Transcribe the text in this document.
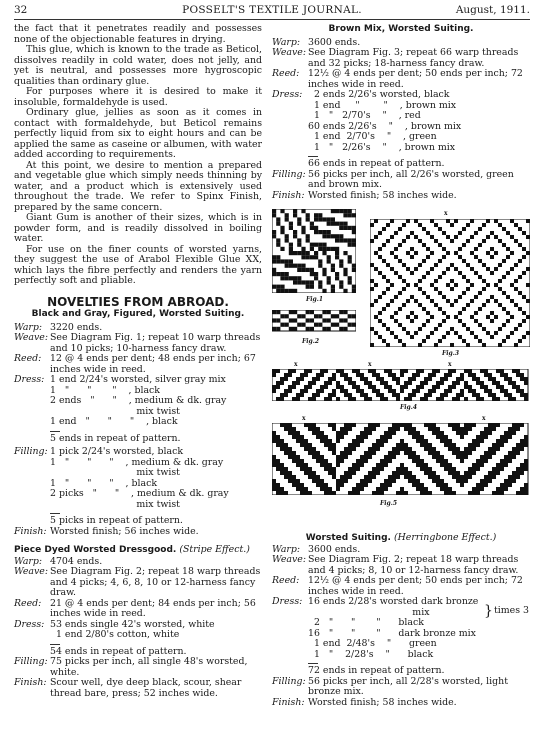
32	POSSELT'S TEXTILE JOURNAL.	August, 1911.

the fact that it penetrates readily and possesses none of the objectionable features in drying.

This glue, which is known to the trade as Beticol, dissolves readily in cold water, does not jelly, and yet is neutral, and possesses more hygroscopic qualities than ordinary glue.

For purposes where it is desired to make it insoluble, formaldehyde is used.

Ordinary glue, jellies as soon as it comes in contact with formaldehyde, but Beticol remains perfectly liquid from six to eight hours and can be applied the same as caseine or albumen, with water added according to requirements.

At this point, we desire to mention a prepared and vegetable glue which simply needs thinning by water, and a product which is extensively used throughout the trade. We refer to Spinx Finish, prepared by the same concern.

Giant Gum is another of their sizes, which is in powder form, and is readily dissolved in boiling water.

For use on the finer counts of worsted yarns, they suggest the use of Arabol Flexible Glue XX, which lays the fibre perfectly and renders the yarn perfectly soft and pliable.

NOVELTIES FROM ABROAD.
Black and Gray, Figured, Worsted Suiting.
Warp: 3220 ends.
Weave: See Diagram Fig. 1; repeat 10 warp threads and 10 picks; 10-harness fancy draw.
Reed: 12 @ 4 ends per dent; 48 ends per inch; 67 inches wide in reed.
Dress: 1 end 2/24's worsted, silver gray mix
1   "      "       "    , black
2 ends   "      "    , medium & dk. gray
mix twist
1 end   "      "      "    , black
5 ends in repeat of pattern.
Filling: 1 pick 2/24's worsted, black
1   "      "      "    , medium & dk. gray
mix twist
1   "      "      "    , black
2 picks   "      "    , medium & dk. gray
mix twist
5 picks in repeat of pattern.
Finish: Worsted finish; 56 inches wide.
Piece Dyed Worsted Dressgood. (Stripe Effect.)
Warp: 4704 ends.
Weave: See Diagram Fig. 2; repeat 18 warp threads and 4 picks; 4, 6, 8, 10 or 12-harness fancy draw.
Reed: 21 @ 4 ends per dent; 84 ends per inch; 56 inches wide in reed.
Dress: 53 ends single 42's worsted, white
1 end 2/80's cotton, white
54 ends in repeat of pattern.
Filling: 75 picks per inch, all single 48's worsted, white.
Finish: Scour well, dye deep black, scour, shear thread bare, press; 52 inches wide.
Brown Mix, Worsted Suiting.
Warp: 3600 ends.
Weave: See Diagram Fig. 3; repeat 66 warp threads and 32 picks; 18-harness fancy draw.
Reed: 12½ @ 4 ends per dent; 50 ends per inch; 72 inches wide in reed.
Dress: 2 ends 2/26's worsted, black
1 end     "        "    , brown mix
1   "   2/70's    "    , red
60 ends 2/26's    "    , brown mix
1 end  2/70's    "    , green
1   "   2/26's    "    , brown mix
66 ends in repeat of pattern.
Filling: 56 picks per inch, all 2/26's worsted, green and brown mix.
Finish: Worsted finish; 58 inches wide.
Fig.1
Fig.2
x
Fig.3
x	x	x
Fig.4
x	x
Fig.5
Worsted Suiting. (Herringbone Effect.)
Warp: 3600 ends.
Weave: See Diagram Fig. 2; repeat 18 warp threads and 4 picks; 8, 10 or 12-harness fancy draw.
Reed: 12½ @ 4 ends per dent; 50 ends per inch; 72 inches wide in reed.
Dress: 16 ends 2/28's worsted dark bronze
mix
2   "      "       "      black
16   "      "       "      dark bronze mix
1 end  2/48's    "      green
1   "    2/28's    "      black
} times 3
72 ends in repeat of pattern.
Filling: 56 picks per inch, all 2/28's worsted, light bronze mix.
Finish: Worsted finish; 58 inches wide.
